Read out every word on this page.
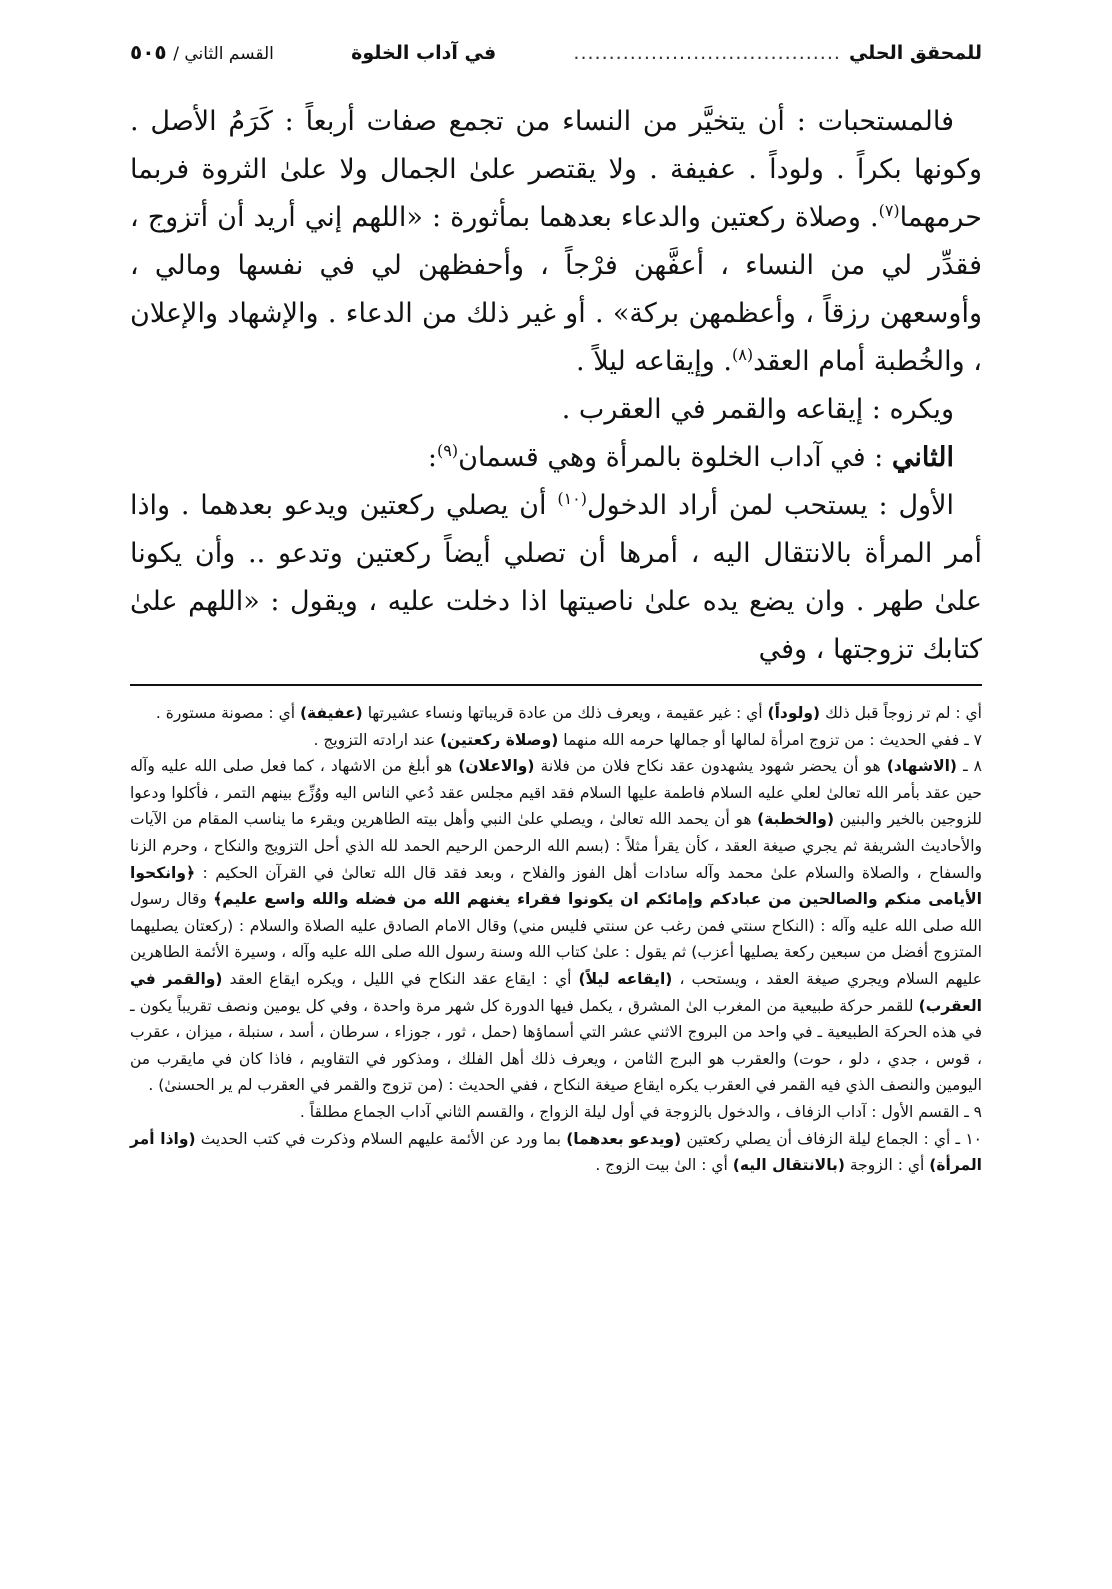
للمحقق الحلي
......................................
في آداب الخلوة
القسم الثاني / ٥٠٥

فالمستحبات : أن يتخيَّر من النساء من تجمع صفات أربعاً : كَرَمُ الأصل . وكونها بكراً . ولوداً . عفيفة . ولا يقتصر علىٰ الجمال ولا علىٰ الثروة فربما حرمهما$^{(٧)}$. وصلاة ركعتين والدعاء بعدهما بمأثورة : «اللهم إني أريد أن أتزوج ، فقدِّر لي من النساء ، أعفَّهن فرْجاً ، وأحفظهن لي في نفسها ومالي ، وأوسعهن رزقاً ، وأعظمهن بركة» . أو غير ذلك من الدعاء . والإشهاد والإعلان ، والخُطبة أمام العقد$^{(٨)}$. وإيقاعه ليلاً .

ويكره : إيقاعه والقمر في العقرب .

الثاني : في آداب الخلوة بالمرأة وهي قسمان$^{(٩)}$:

الأول : يستحب لمن أراد الدخول$^{(١٠)}$ أن يصلي ركعتين ويدعو بعدهما . واذا أمر المرأة بالانتقال اليه ، أمرها أن تصلي أيضاً ركعتين وتدعو .. وأن يكونا علىٰ طهر . وان يضع يده علىٰ ناصيتها اذا دخلت عليه ، ويقول : «اللهم علىٰ كتابك تزوجتها ، وفي

أي : لم تر زوجاً قبل ذلك (ولوداً) أي : غير عقيمة ، ويعرف ذلك من عادة قريباتها ونساء عشيرتها (عفيفة) أي : مصونة مستورة .

٧ ـ ففي الحديث : من تزوج امرأة لمالها أو جمالها حرمه الله منهما (وصلاة ركعتين) عند ارادته التزويج .

٨ ـ (الاشهاد) هو أن يحضر شهود يشهدون عقد نكاح فلان من فلانة (والاعلان) هو أبلغ من الاشهاد ، كما فعل صلى الله عليه وآله حين عقد بأمر الله تعالىٰ لعلي عليه السلام فاطمة عليها السلام فقد اقيم مجلس عقد دُعي الناس اليه ووُزِّع بينهم التمر ، فأكلوا ودعوا للزوجين بالخير والبنين (والخطبة) هو أن يحمد الله تعالىٰ ، ويصلي علىٰ النبي وأهل بيته الطاهرين ويقرء ما يناسب المقام من الآيات والأحاديث الشريفة ثم يجري صيغة العقد ، كأن يقرأ مثلاً : (بسم الله الرحمن الرحيم الحمد لله الذي أحل التزويج والنكاح ، وحرم الزنا والسفاح ، والصلاة والسلام علىٰ محمد وآله سادات أهل الفوز والفلاح ، وبعد فقد قال الله تعالىٰ في القرآن الحكيم : ﴿وانكحوا الأيامى منكم والصالحين من عبادكم وإمائكم ان يكونوا فقراء يغنهم الله من فضله والله واسع عليم﴾ وقال رسول الله صلى الله عليه وآله : (النكاح سنتي فمن رغب عن سنتي فليس مني) وقال الامام الصادق عليه الصلاة والسلام : (ركعتان يصليهما المتزوج أفضل من سبعين ركعة يصليها أعزب) ثم يقول : علىٰ كتاب الله وسنة رسول الله صلى الله عليه وآله ، وسيرة الأئمة الطاهرين عليهم السلام ويجري صيغة العقد ، ويستحب ، (ايقاعه ليلاً) أي : ايقاع عقد النكاح في الليل ، ويكره ايقاع العقد (والقمر في العقرب) للقمر حركة طبيعية من المغرب الىٰ المشرق ، يكمل فيها الدورة كل شهر مرة واحدة ، وفي كل يومين ونصف تقريباً يكون ـ في هذه الحركة الطبيعية ـ في واحد من البروج الاثني عشر التي أسماؤها (حمل ، ثور ، جوزاء ، سرطان ، أسد ، سنبلة ، ميزان ، عقرب ، قوس ، جدي ، دلو ، حوت) والعقرب هو البرج الثامن ، ويعرف ذلك أهل الفلك ، ومذكور في التقاويم ، فاذا كان في مايقرب من اليومين والنصف الذي فيه القمر في العقرب يكره ايقاع صيغة النكاح ، ففي الحديث : (من تزوج والقمر في العقرب لم ير الحسنىٰ) .

٩ ـ القسم الأول : آداب الزفاف ، والدخول بالزوجة في أول ليلة الزواج ، والقسم الثاني آداب الجماع مطلقاً .

١٠ ـ أي : الجماع ليلة الزفاف أن يصلي ركعتين (ويدعو بعدهما) بما ورد عن الأئمة عليهم السلام وذكرت في كتب الحديث (واذا أمر المرأة) أي : الزوجة (بالانتقال اليه) أي : الىٰ بيت الزوج .
